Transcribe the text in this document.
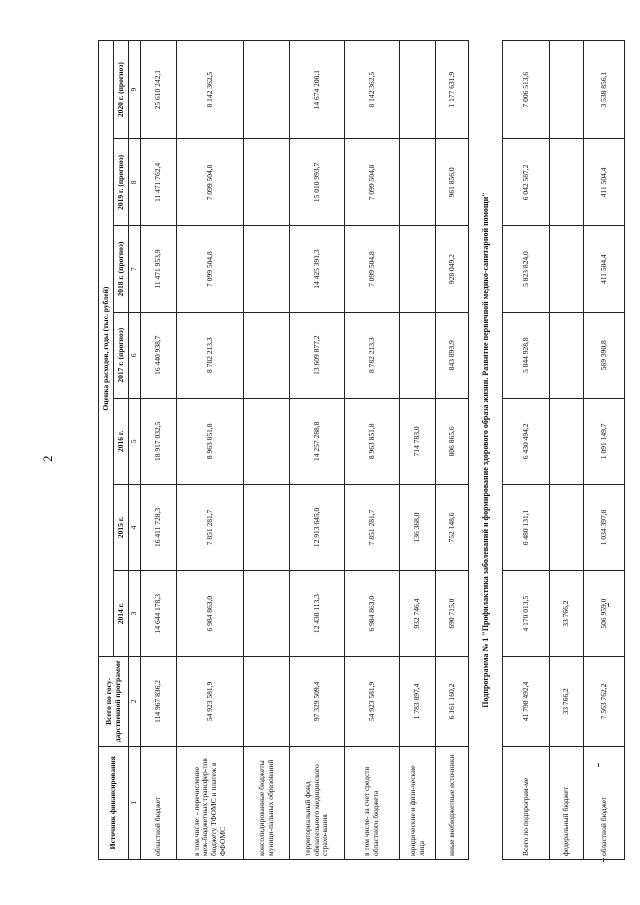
2
Источник финансирования	Всего по госу-дарственной программе	Оценка расходов, годы (тыс. рублей)						
		2014 г.	2015 г.	2016 г.	2017 г. (прогноз)	2018 г. (прогноз)	2019 г. (прогноз)	2020 г. (прогноз)
1	2	3	4	5	6	7	8	9
областной бюджет	114 967 836,2	14 644 178,3	16 411 728,3	18 917 032,5	16 440 938,7	11 471 953,9	11 471 762,4	25 610 242,1
в том числе: - перечисление меж-бюджетных трансфер-тов бюджету ТФОМС и платеж в ФФОМС	54 923 581,9	6 984 863,0	7 851 281,7	8 963 851,8	8 782 213,3	7 099 504,8	7 099 504,8	8 142 362,5
консолидированные бюджеты муници-пальных образований								
территориальный фонд обязательного медицинского страхо-вания	97 329 509,4	12 438 113,3	12 913 645,0	14 257 288,8	13 609 877,2	14 425 391,3	15 010 993,7	14 674 200,1
в том числе- за счет средств областного бюджета	54 923 581,9	6 984 863,0	7 851 281,7	8 963 851,8	8 782 213,3	7 099 504,8	7 099 504,8	8 142 362,5
юридические и физи-ческие лица	1 783 897,4	932 746,4	136 368,0	714 783,0				
иные внебюджетные источники	6 161 160,2	690 715,0	752 148,6	806 865,6	843 893,9	928 049,2	961 856,0	1 177 631,9
Подпрограмма № 1 "Профилактика заболеваний и формирование здорового образа жизни. Развитие первичной медико-санитарной помощи"								
Всего по подпрограм-ме	41 798 492,4	4 170 013,5	6 480 131,1	6 430 494,2	5 844 928,8	5 823 824,0	6 042 587,2	7 006 513,6
федеральный бюджет	33 766,2	33 766,2						
областной бюджет	7 563 762,2	506 959,0	1 034 397,8	1 091 149,7	569 390,8	411 504,4	411 504,4	3 538 856,1
